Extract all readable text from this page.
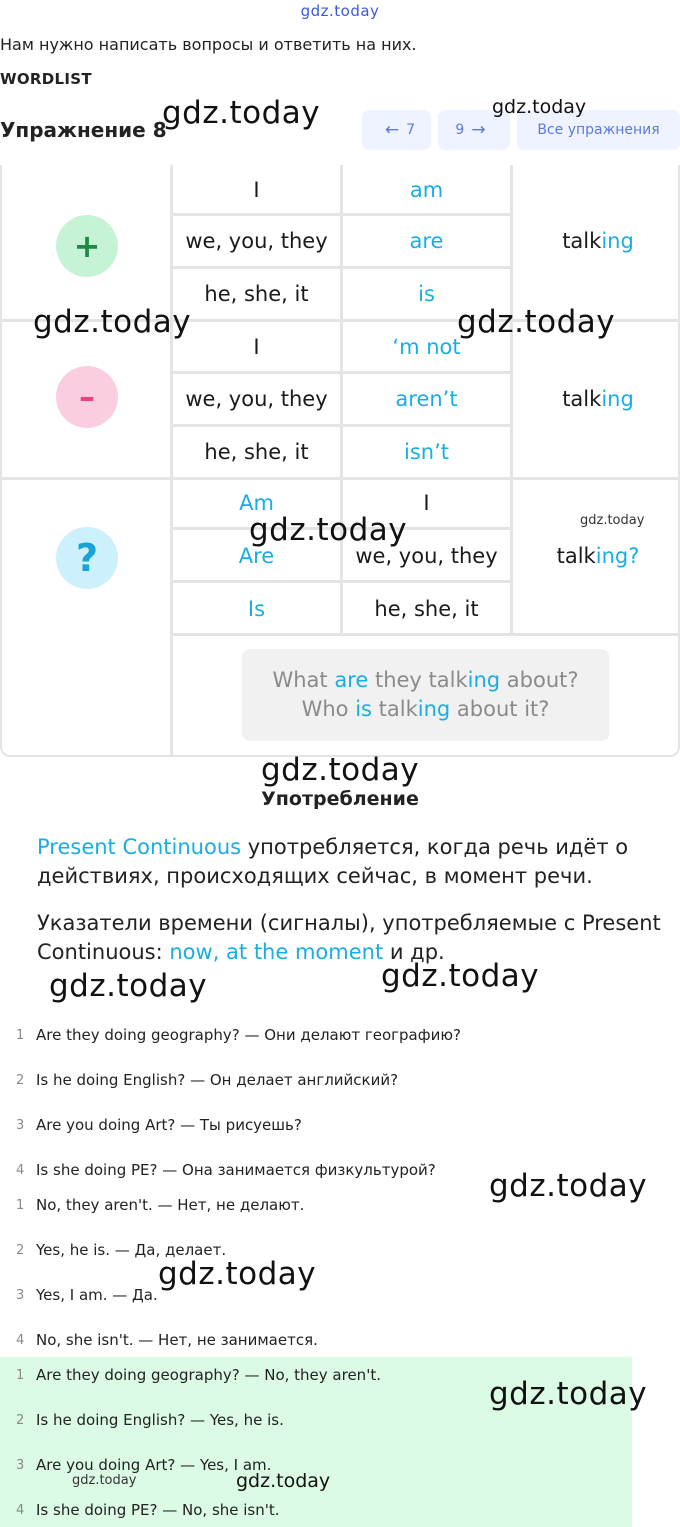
gdz.today
Нам нужно написать вопросы и ответить на них.
WORDLIST
Упражнение 8	← 7	9 →	Все упражнения
+
I	am
we, you, they	are
he, she, it	is
talk ing
–
I	‘m not
we, you, they	aren’t
he, she, it	isn’t
talk ing
?
Am	I
Are	we, you, they
Is	he, she, it
talk ing?
What are they talking about?
Who is talking about it?
Употребление
Present Continuous употребляется, когда речь идёт о действиях, происходящих сейчас, в момент речи.
Указатели времени (сигналы), употребляемые с Present Continuous: now, at the moment и др.
1 Are they doing geography? — Они делают географию?
2 Is he doing English? — Он делает английский?
3 Are you doing Art? — Ты рисуешь?
4 Is she doing PE? — Она занимается физкультурой?
1 No, they aren't. — Нет, не делают.
2 Yes, he is. — Да, делает.
3 Yes, I am. — Да.
4 No, she isn't. — Нет, не занимается.
1 Are they doing geography? — No, they aren't.
2 Is he doing English? — Yes, he is.
3 Are you doing Art? — Yes, I am.
4 Is she doing PE? — No, she isn't.
gdz.today	gdz.today
gdz.today	gdz.today
gdz.today	gdz.today
gdz.today
gdz.today	gdz.today
gdz.today
gdz.today
gdz.today
gdz.today	gdz.today
